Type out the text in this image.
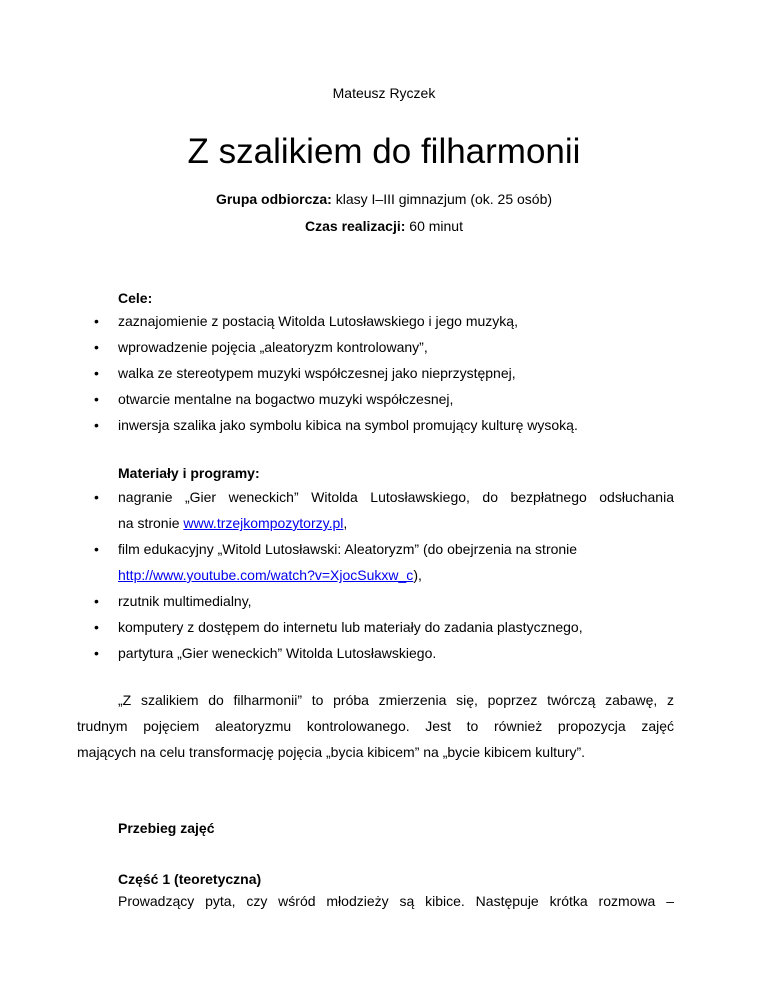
Mateusz Ryczek
Z szalikiem do filharmonii
Grupa odbiorcza: klasy I–III gimnazjum (ok. 25 osób)
Czas realizacji: 60 minut
Cele:
• zaznajomienie z postacią Witolda Lutosławskiego i jego muzyką,
• wprowadzenie pojęcia „aleatoryzm kontrolowany”,
• walka ze stereotypem muzyki współczesnej jako nieprzystępnej,
• otwarcie mentalne na bogactwo muzyki współczesnej,
• inwersja szalika jako symbolu kibica na symbol promujący kulturę wysoką.
Materiały i programy:
• nagranie „Gier weneckich” Witolda Lutosławskiego, do bezpłatnego odsłuchania
na stronie www.trzejkompozytorzy.pl,
• film edukacyjny „Witold Lutosławski: Aleatoryzm” (do obejrzenia na stronie
http://www.youtube.com/watch?v=XjocSukxw_c),
• rzutnik multimedialny,
• komputery z dostępem do internetu lub materiały do zadania plastycznego,
• partytura „Gier weneckich” Witolda Lutosławskiego.
„Z szalikiem do filharmonii” to próba zmierzenia się, poprzez twórczą zabawę, z
trudnym pojęciem aleatoryzmu kontrolowanego. Jest to również propozycja zajęć
mających na celu transformację pojęcia „bycia kibicem” na „bycie kibicem kultury”.
Przebieg zajęć
Część 1 (teoretyczna)
Prowadzący pyta, czy wśród młodzieży są kibice. Następuje krótka rozmowa –
